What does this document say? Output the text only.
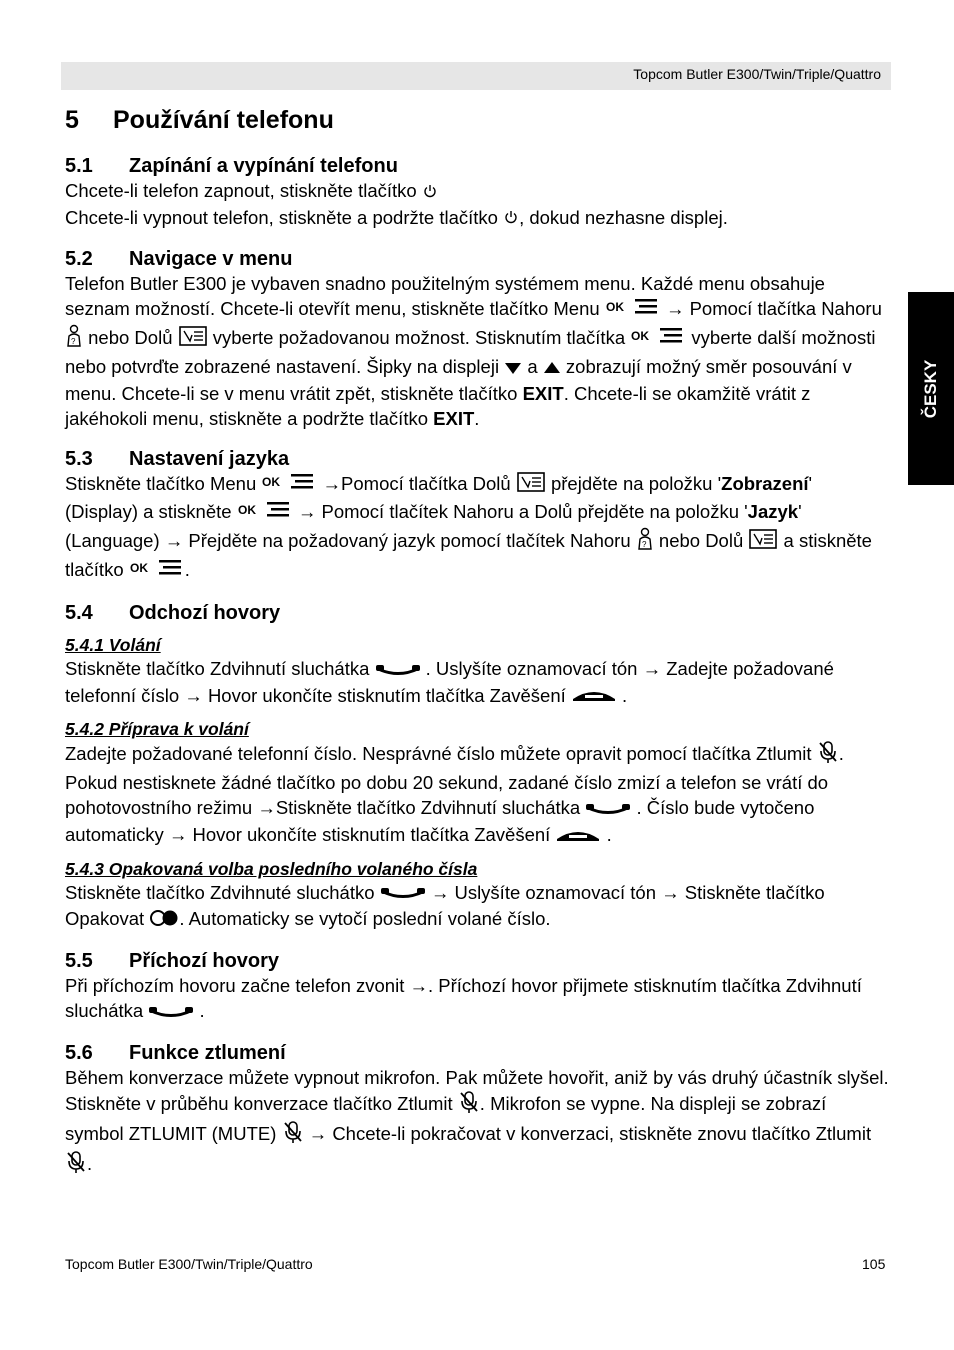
Topcom Butler E300/Twin/Triple/Quattro
ČESKY
5	Používání telefonu
5.1	Zapínání a vypínání telefonu

Chcete-li telefon zapnout, stiskněte tlačítko
Chcete-li vypnout telefon, stiskněte a podržte tlačítko , dokud nezhasne displej.

5.2	Navigace v menu

Telefon Butler E300 je vybaven snadno použitelným systémem menu. Každé menu obsahuje seznam možností. Chcete-li otevřít menu, stiskněte tlačítko Menu OK → Pomocí tlačítka Nahoru
? nebo Dolů vyberte požadovanou možnost. Stisknutím tlačítka OK vyberte další možnosti nebo potvrďte zobrazené nastavení. Šipky na displeji a zobrazují možný směr posouvání v menu. Chcete-li se v menu vrátit zpět, stiskněte tlačítko EXIT. Chcete-li se okamžitě vrátit z jakéhokoli menu, stiskněte a podržte tlačítko EXIT.

5.3	Nastavení jazyka

Stiskněte tlačítko Menu OK →Pomocí tlačítka Dolů přejděte na položku 'Zobrazení' (Display) a stiskněte OK → Pomocí tlačítek Nahoru a Dolů přejděte na položku 'Jazyk' (Language) → Přejděte na požadovaný jazyk pomocí tlačítek Nahoru ? nebo Dolů a stiskněte tlačítko OK .

5.4	Odchozí hovory
5.4.1 Volání

Stiskněte tlačítko Zdvihnutí sluchátka	. Uslyšíte oznamovací tón → Zadejte požadované telefonní číslo → Hovor ukončíte stisknutím tlačítka Zavěšení	.

5.4.2 Příprava k volání

Zadejte požadované telefonní číslo. Nesprávné číslo můžete opravit pomocí tlačítka Ztlumit . Pokud nestisknete žádné tlačítko po dobu 20 sekund, zadané číslo zmizí a telefon se vrátí do pohotovostního režimu →Stiskněte tlačítko Zdvihnutí sluchátka	. Číslo bude vytočeno automaticky → Hovor ukončíte stisknutím tlačítka Zavěšení	.

5.4.3 Opakovaná volba posledního volaného čísla

Stiskněte tlačítko Zdvihnuté sluchátko	→ Uslyšíte oznamovací tón → Stiskněte tlačítko Opakovat . Automaticky se vytočí poslední volané číslo.

5.5	Příchozí hovory

Při příchozím hovoru začne telefon zvonit →. Příchozí hovor přijmete stisknutím tlačítka Zdvihnutí sluchátka	.

5.6	Funkce ztlumení

Během konverzace můžete vypnout mikrofon. Pak můžete hovořit, aniž by vás druhý účastník slyšel.
Stiskněte v průběhu konverzace tlačítko Ztlumit . Mikrofon se vypne. Na displeji se zobrazí symbol ZTLUMIT (MUTE) → Chcete-li pokračovat v konverzaci, stiskněte znovu tlačítko Ztlumit .

Topcom Butler E300/Twin/Triple/Quattro	105
